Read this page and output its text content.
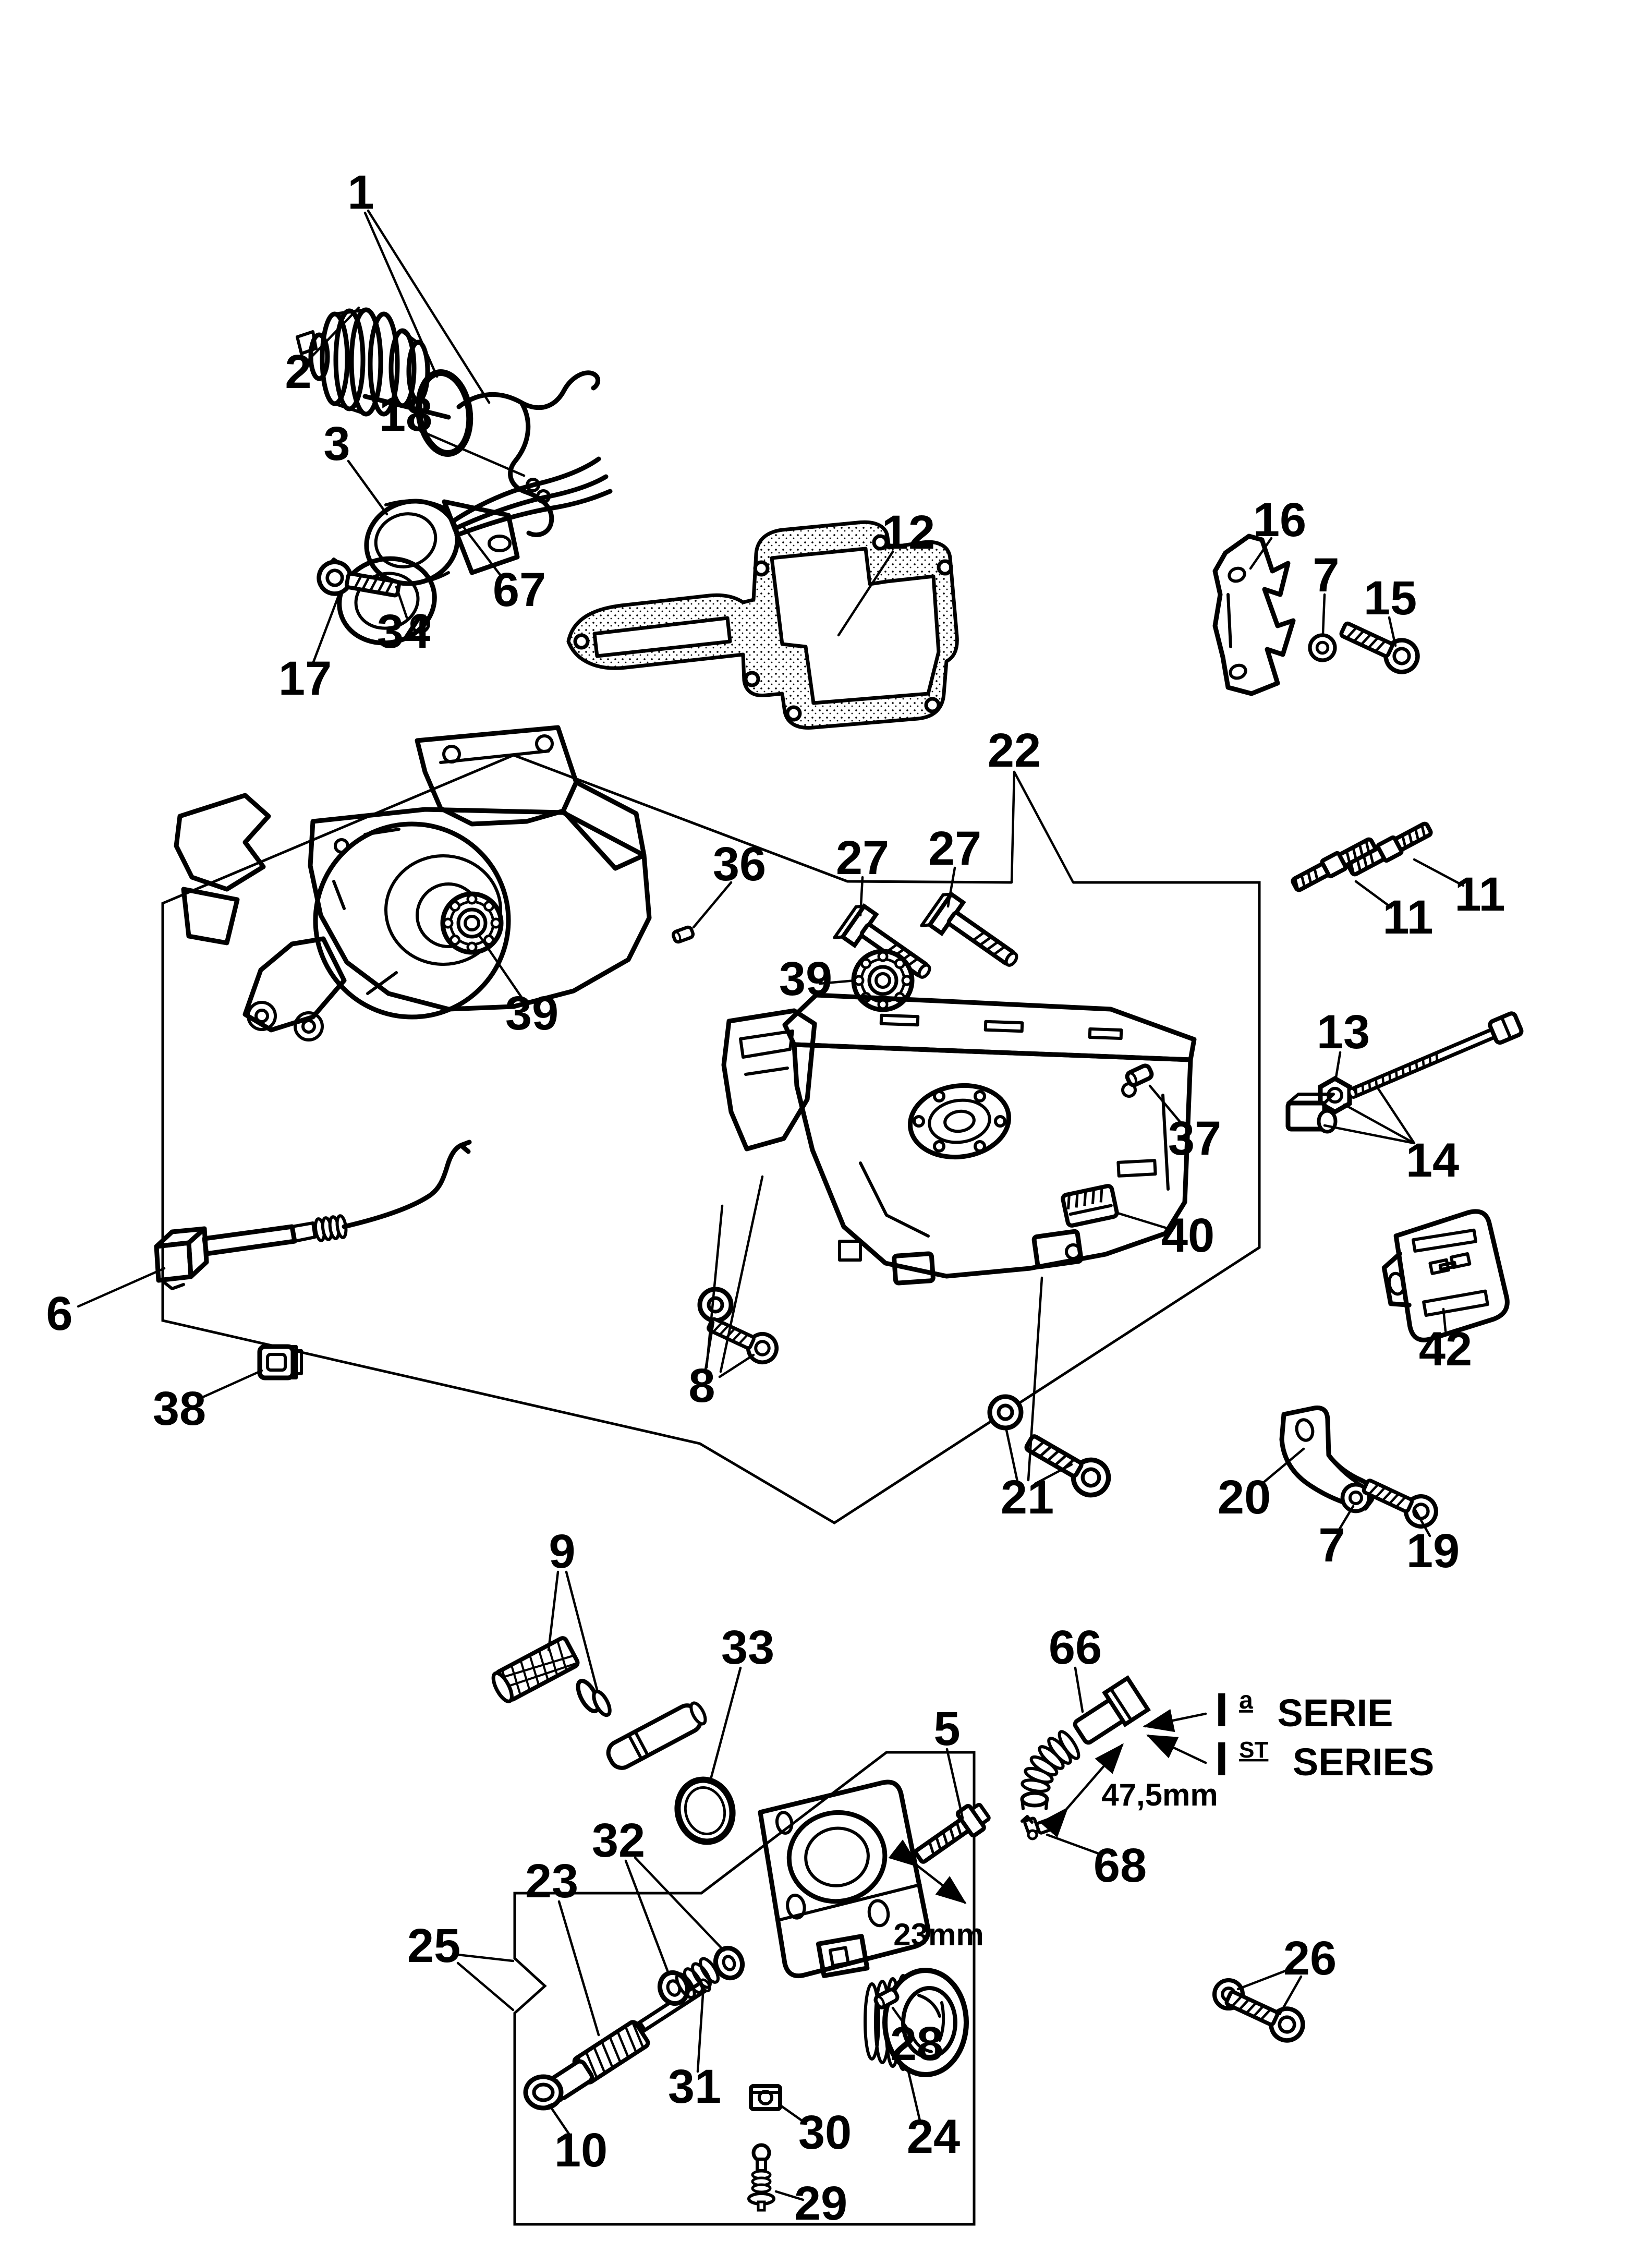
1
2
3
18
67
34
17
12	16
7 15
22
27 27
11 11
36
39
39
37
13
14
6
38	8
40
42
21	20
7 19
9
33
5
66
68
25
23
32
31
10
28
30
29
24
26
I $^a$ SERIE
I $^{ST}$ SERIES
47,5mm
23mm
